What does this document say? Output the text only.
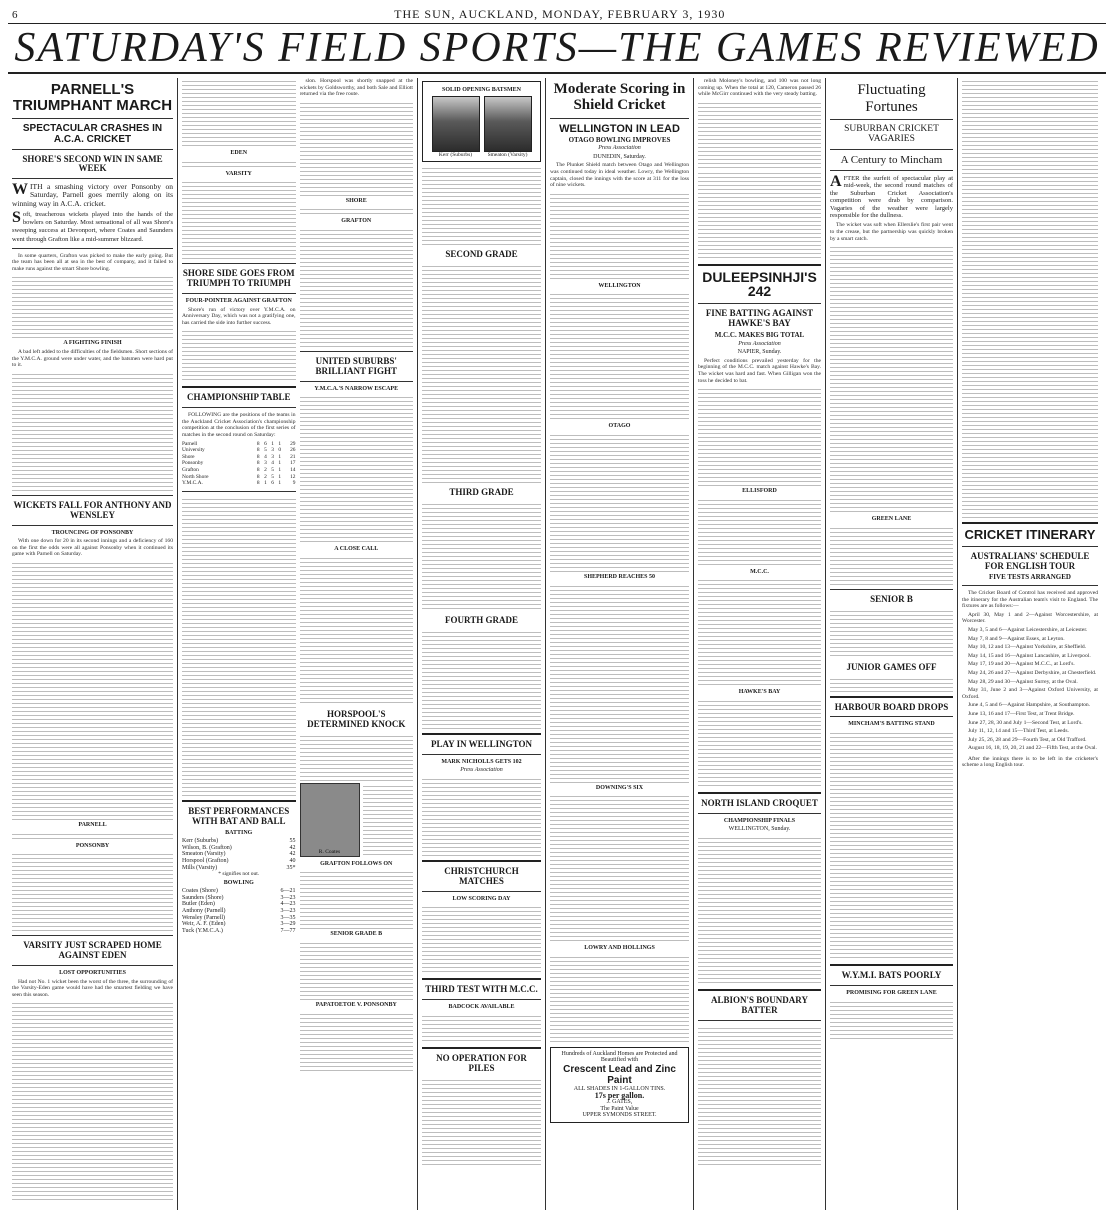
6	THE SUN, AUCKLAND, MONDAY, FEBRUARY 3, 1930
SATURDAY'S FIELD SPORTS—THE GAMES REVIEWED
PARNELL'S TRIUMPHANT MARCH
SPECTACULAR CRASHES IN A.C.A. CRICKET
SHORE'S SECOND WIN IN SAME WEEK

WITH a smashing victory over Ponsonby on Saturday, Parnell goes merrily along on its winning way in A.C.A. cricket.

Soft, treacherous wickets played into the hands of the bowlers on Saturday. Most sensational of all was Shore's sweeping success at Devonport, where Coates and Saunders went through Grafton like a mid-summer blizzard.

In some quarters, Grafton was picked to make the early going. But the team has been all at sea in the best of company, and it failed to make runs against the smart Shore bowling.

A FIGHTING FINISH

A bad left added to the difficulties of the fieldsmen. Short sections of the Y.M.C.A. ground were under water, and the batsmen were hard put to it.

WICKETS FALL FOR ANTHONY AND WENSLEY
TROUNCING OF PONSONBY

With one down for 20 in its second innings and a deficiency of 160 on the first the odds were all against Ponsonby when it continued its game with Parnell on Saturday.

PARNELL
PONSONBY
VARSITY JUST SCRAPED HOME AGAINST EDEN
LOST OPPORTUNITIES

Had not No. 1 wicket been the worst of the three, the surrounding of the Varsity-Eden game would have had the smartest fielding we have seen this season.

EDEN
VARSITY
SHORE SIDE GOES FROM TRIUMPH TO TRIUMPH
FOUR-POINTER AGAINST GRAFTON

Shore's run of victory over Y.M.C.A. on Anniversary Day, which was not a gratifying one, has carried the side into further success.

CHAMPIONSHIP TABLE

FOLLOWING are the positions of the teams in the Auckland Cricket Association's championship competition at the conclusion of the first series of matches in the second round on Saturday:

Parnell	8	6	1	1	29
University	8	5	3	0	26
Shore	8	4	3	1	21
Ponsonby	8	3	4	1	17
Grafton	8	2	5	1	14
North Shore	8	2	5	1	12
Y.M.C.A.	8	1	6	1	9
BEST PERFORMANCES WITH BAT AND BALL
BATTING
Kerr (Suburbs)	55
Wilson, B. (Grafton)	42
Smeaton (Varsity)	42
Horspool (Grafton)	40
Mills (Varsity)	35*
* signifies not out.
BOWLING
Coates (Shore)	6—21
Saunders (Shore)	3—23
Butler (Eden)	4—23
Anthony (Parnell)	3—23
Wensley (Parnell)	3—35
Weir, A. F. (Eden)	3—29
Tuck (Y.M.C.A.)	7—77

slon. Horspool was shortly snapped at the wickets by Goldsworthy, and both Sale and Elliott returned via the free route.

SHORE
GRAFTON
UNITED SUBURBS' BRILLIANT FIGHT
Y.M.C.A.'S NARROW ESCAPE
A CLOSE CALL
HORSPOOL'S DETERMINED KNOCK
R. Coates
GRAFTON FOLLOWS ON
SENIOR GRADE B
PAPATOETOE V. PONSONBY
SOLID OPENING BATSMEN
Kerr (Suburbs)	Smeaton (Varsity)
SECOND GRADE
THIRD GRADE
FOURTH GRADE
PLAY IN WELLINGTON
MARK NICHOLLS GETS 102
Press Association
CHRISTCHURCH MATCHES
LOW SCORING DAY
THIRD TEST WITH M.C.C.
BADCOCK AVAILABLE
NO OPERATION FOR PILES
Moderate Scoring in Shield Cricket
WELLINGTON IN LEAD
OTAGO BOWLING IMPROVES
Press Association
DUNEDIN, Saturday.

The Plunket Shield match between Otago and Wellington was continued today in ideal weather. Lowry, the Wellington captain, closed the innings with the score at 311 for the loss of nine wickets.

WELLINGTON
OTAGO
SHEPHERD REACHES 50
DOWNING'S SIX
LOWRY AND HOLLINGS
Hundreds of Auckland Homes are Protected and Beautified with
Crescent Lead and Zinc Paint
ALL SHADES IN 1-GALLON TINS.
17s per gallon.
J. GATES,
The Paint Value
UPPER SYMONDS STREET.

relish Moloney's bowling, and 100 was not long coming up. When the total at 120, Cameron passed 26 while McGirr continued with the very steady batting.

DULEEPSINHJI'S 242
FINE BATTING AGAINST HAWKE'S BAY
M.C.C. MAKES BIG TOTAL
Press Association
NAPIER, Sunday.

Perfect conditions prevailed yesterday for the beginning of the M.C.C. match against Hawke's Bay. The wicket was hard and fast. When Gilligan won the toss he decided to bat.

ELLISFORD
M.C.C.
HAWKE'S BAY
NORTH ISLAND CROQUET
CHAMPIONSHIP FINALS
WELLINGTON, Sunday.
ALBION'S BOUNDARY BATTER
Fluctuating Fortunes
SUBURBAN CRICKET VAGARIES
A Century to Mincham

AFTER the surfeit of spectacular play at mid-week, the second round matches of the Suburban Cricket Association's competition were drab by comparison. Vagaries of the weather were largely responsible for the dullness.

The wicket was soft when Ellerslie's first pair went to the crease, but the partnership was quickly broken by a smart catch.

GREEN LANE
SENIOR B
JUNIOR GAMES OFF
HARBOUR BOARD DROPS
MINCHAM'S BATTING STAND
W.Y.M.I. BATS POORLY
PROMISING FOR GREEN LANE
CRICKET ITINERARY
AUSTRALIANS' SCHEDULE FOR ENGLISH TOUR
FIVE TESTS ARRANGED

The Cricket Board of Control has received and approved the itinerary for the Australian team's visit to England. The fixtures are as follows:—

April 30, May 1 and 2—Against Worcestershire, at Worcester.

May 3, 5 and 6—Against Leicestershire, at Leicester.

May 7, 8 and 9—Against Essex, at Leyton.

May 10, 12 and 13—Against Yorkshire, at Sheffield.

May 14, 15 and 16—Against Lancashire, at Liverpool.

May 17, 19 and 20—Against M.C.C., at Lord's.

May 24, 26 and 27—Against Derbyshire, at Chesterfield.

May 28, 29 and 30—Against Surrey, at the Oval.

May 31, June 2 and 3—Against Oxford University, at Oxford.

June 4, 5 and 6—Against Hampshire, at Southampton.

June 13, 16 and 17—First Test, at Trent Bridge.

June 27, 28, 30 and July 1—Second Test, at Lord's.

July 11, 12, 14 and 15—Third Test, at Leeds.

July 25, 26, 28 and 29—Fourth Test, at Old Trafford.

August 16, 18, 19, 20, 21 and 22—Fifth Test, at the Oval.

After the innings there is to be left in the cricketer's scheme a long English tour.
